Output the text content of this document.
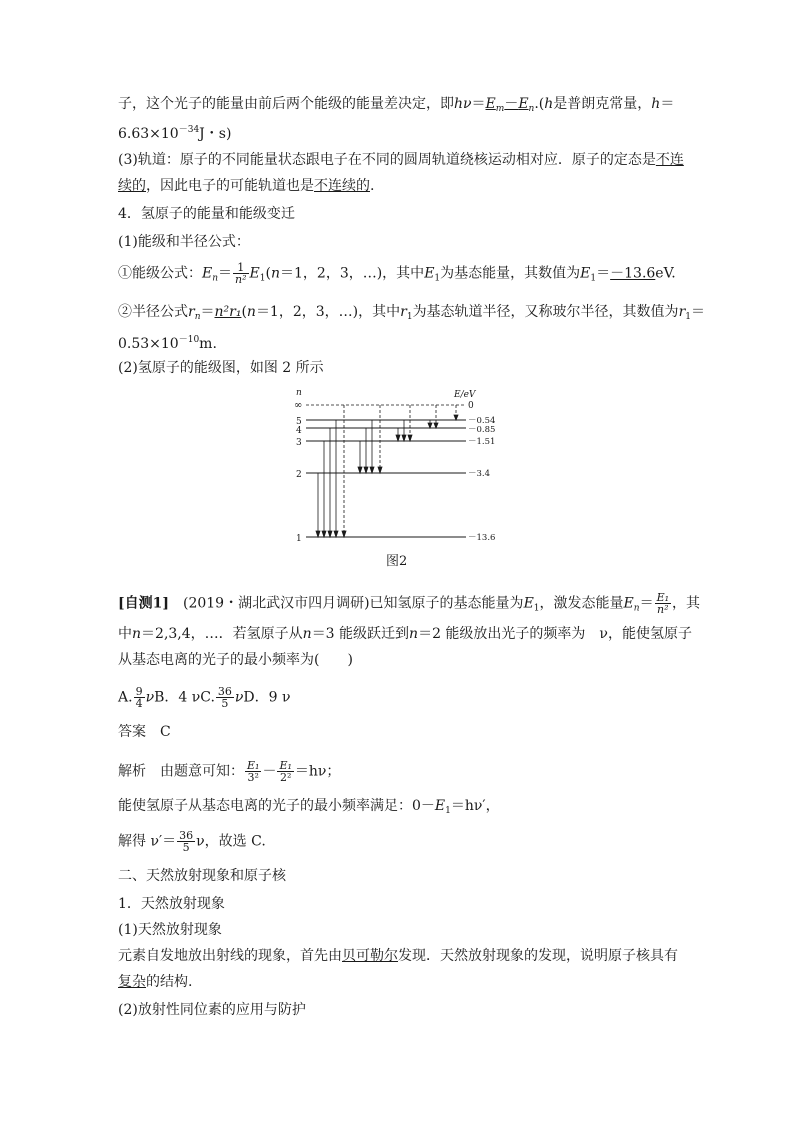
子，这个光子的能量由前后两个能级的能量差决定，即$h\nu=E_m-E_n.(h$是普朗克常量，h＝
$6.63\times 10^{-34}J$・s)
(3)轨道：原子的不同能量状态跟电子在不同的圆周轨道绕核运动相对应．原子的定态是不连
续的，因此电子的可能轨道也是不连续的.
4．氢原子的能量和能级变迁
(1)能级和半径公式：
①能级公式：$E_n= \frac{1}{\text{n²}} E_1(n=1$，2，3，…)，其中$E_1$为基态能量，其数值为$E_1=-13.6eV$.
②半径公式$r_n=n^2r_1(n=1$，2，3，…)，其中$r_1$为基态轨道半径，又称玻尔半径，其数值为$r_1=$
$0.53\times 10^{-10}m$.
(2)氢原子的能级图，如图 2 所示
n	E/eV
∞	0
5	－0.54
4	－0.85
3	－1.51
2	－3.4
1	－13.6
图2
[自测1]　(2019・湖北武汉市四月调研)已知氢原子的基态能量为$E_1$，激发态能量$E_n= \frac{\text{E₁}}{\text{n²}}$ ，其
中n＝2,3,4，…．若氢原子从n＝3 能级跃迁到n＝2 能级放出光子的频率为　ν，能使氢原子
从基态电离的光子的最小频率为(　　)
A. $\frac{9}{4}$ νB．4 νC. $\frac{36}{5}$ νD．9 ν
答案　C
解析　由题意可知： $\frac{\text{E₁}}{\text{3²}} - \frac{\text{E₁}}{\text{2²}} =h\nu$；
能使氢原子从基态电离的光子的最小频率满足：$0-E_1=h\nu'$，
解得 $\nu'= \frac{36}{5}$ ν，故选 C.
二、天然放射现象和原子核
1．天然放射现象
(1)天然放射现象
元素自发地放出射线的现象，首先由贝可勒尔发现．天然放射现象的发现，说明原子核具有
复杂的结构.
(2)放射性同位素的应用与防护
